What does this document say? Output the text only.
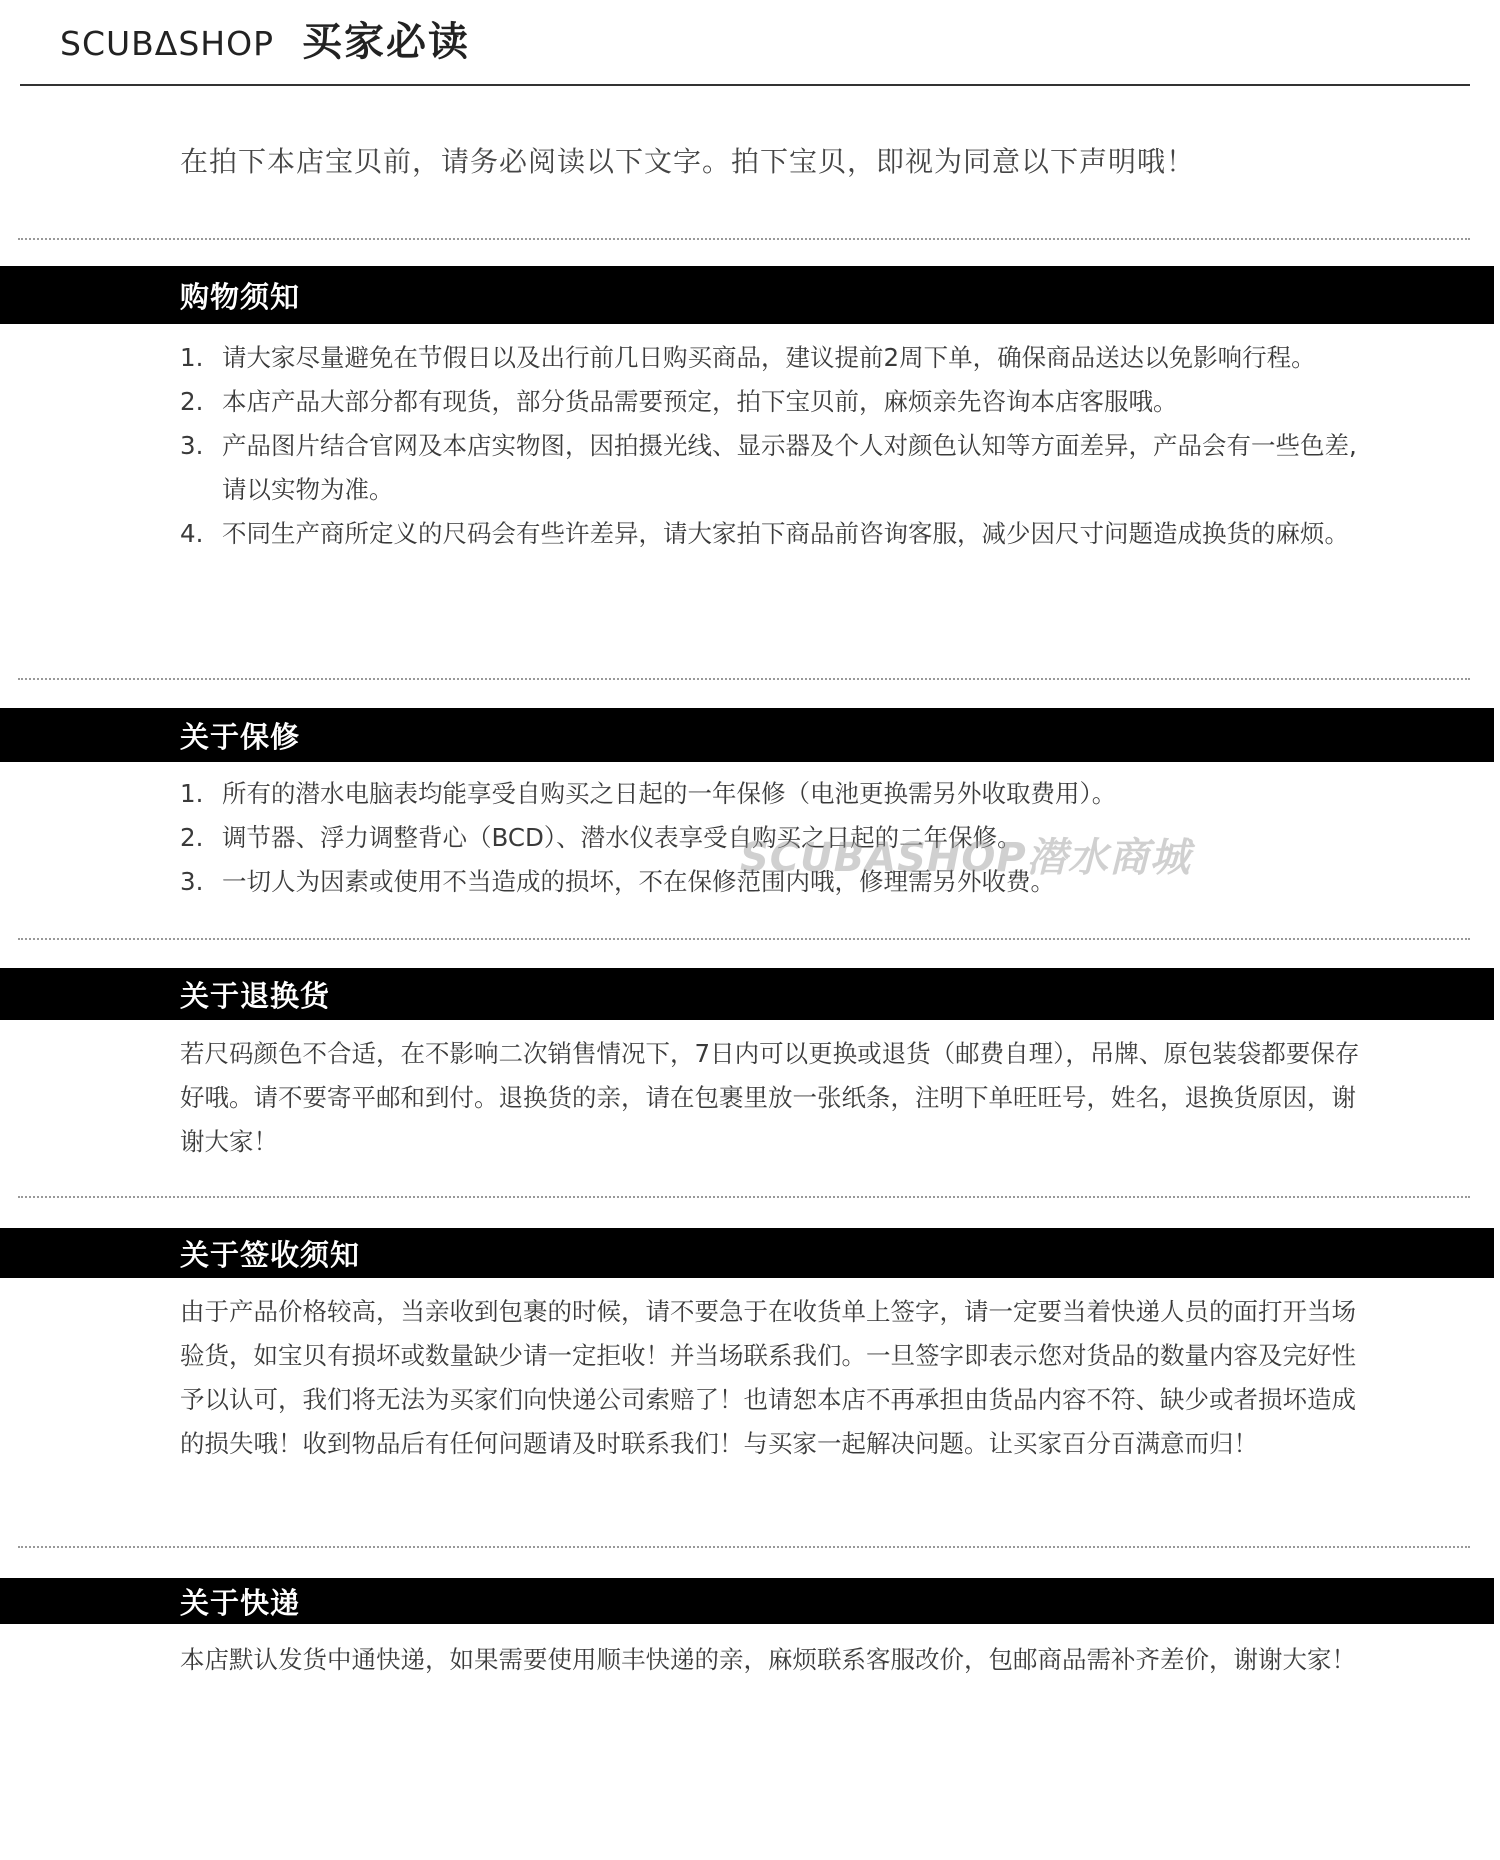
SCUBΔSHOP 买家必读
在拍下本店宝贝前，请务必阅读以下文字。拍下宝贝，即视为同意以下声明哦！
购物须知
1. 请大家尽量避免在节假日以及出行前几日购买商品，建议提前2周下单，确保商品送达以免影响行程。
2. 本店产品大部分都有现货，部分货品需要预定，拍下宝贝前，麻烦亲先咨询本店客服哦。
3. 产品图片结合官网及本店实物图，因拍摄光线、显示器及个人对颜色认知等方面差异，产品会有一些色差,请以实物为准。
4. 不同生产商所定义的尺码会有些许差异，请大家拍下商品前咨询客服，减少因尺寸问题造成换货的麻烦。
关于保修
1. 所有的潜水电脑表均能享受自购买之日起的一年保修（电池更换需另外收取费用）。
2. 调节器、浮力调整背心（BCD）、潜水仪表享受自购买之日起的二年保修。
3. 一切人为因素或使用不当造成的损坏，不在保修范围内哦，修理需另外收费。
关于退换货

若尺码颜色不合适，在不影响二次销售情况下，7日内可以更换或退货（邮费自理），吊牌、原包装袋都要保存好哦。请不要寄平邮和到付。退换货的亲，请在包裹里放一张纸条，注明下单旺旺号，姓名，退换货原因，谢谢大家！

关于签收须知

由于产品价格较高，当亲收到包裹的时候，请不要急于在收货单上签字，请一定要当着快递人员的面打开当场验货，如宝贝有损坏或数量缺少请一定拒收！并当场联系我们。一旦签字即表示您对货品的数量内容及完好性予以认可，我们将无法为买家们向快递公司索赔了！也请恕本店不再承担由货品内容不符、缺少或者损坏造成的损失哦！收到物品后有任何问题请及时联系我们！与买家一起解决问题。让买家百分百满意而归！

关于快递

本店默认发货中通快递，如果需要使用顺丰快递的亲，麻烦联系客服改价，包邮商品需补齐差价，谢谢大家！

SCUBASHOP潜水商城
